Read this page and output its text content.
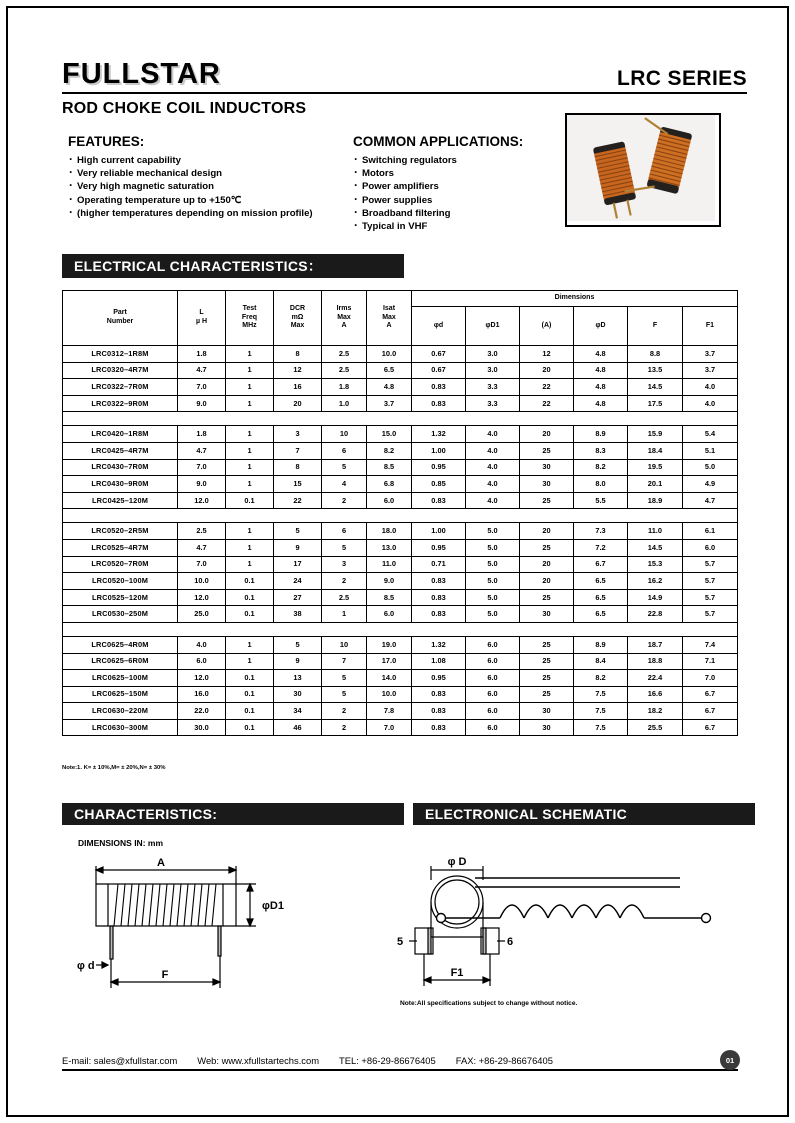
FULLSTAR	LRC SERIES
ROD CHOKE COIL INDUCTORS
FEATURES:
· High current capability
· Very reliable mechanical design
· Very high magnetic saturation
· Operating temperature up to +150℃
· (higher temperatures depending on mission profile)
COMMON APPLICATIONS:
· Switching regulators
· Motors
· Power amplifiers
· Power supplies
· Broadband filtering
· Typical in VHF
ELECTRICAL CHARACTERISTICS：
CHARACTERISTICS:	ELECTRONICAL SCHEMATIC
Part
Number

L
µ H

Test
Freq
MHz

DCR
mΩ
Max

Irms
Max
A

Isat
Max
A
	Dimensions
						φd	φD1	(A)	φD	F	F1
LRC0312–1R8M	1.8	1	8	2.5	10.0	0.67	3.0	12	4.8	8.8	3.7
LRC0320–4R7M	4.7	1	12	2.5	6.5	0.67	3.0	20	4.8	13.5	3.7
LRC0322–7R0M	7.0	1	16	1.8	4.8	0.83	3.3	22	4.8	14.5	4.0
LRC0322–9R0M	9.0	1	20	1.0	3.7	0.83	3.3	22	4.8	17.5	4.0

LRC0420–1R8M	1.8	1	3	10	15.0	1.32	4.0	20	8.9	15.9	5.4
LRC0425–4R7M	4.7	1	7	6	8.2	1.00	4.0	25	8.3	18.4	5.1
LRC0430–7R0M	7.0	1	8	5	8.5	0.95	4.0	30	8.2	19.5	5.0
LRC0430–9R0M	9.0	1	15	4	6.8	0.85	4.0	30	8.0	20.1	4.9
LRC0425–120M	12.0	0.1	22	2	6.0	0.83	4.0	25	5.5	18.9	4.7

LRC0520–2R5M	2.5	1	5	6	18.0	1.00	5.0	20	7.3	11.0	6.1
LRC0525–4R7M	4.7	1	9	5	13.0	0.95	5.0	25	7.2	14.5	6.0
LRC0520–7R0M	7.0	1	17	3	11.0	0.71	5.0	20	6.7	15.3	5.7
LRC0520–100M	10.0	0.1	24	2	9.0	0.83	5.0	20	6.5	16.2	5.7
LRC0525–120M	12.0	0.1	27	2.5	8.5	0.83	5.0	25	6.5	14.9	5.7
LRC0530–250M	25.0	0.1	38	1	6.0	0.83	5.0	30	6.5	22.8	5.7

LRC0625–4R0M	4.0	1	5	10	19.0	1.32	6.0	25	8.9	18.7	7.4
LRC0625–6R0M	6.0	1	9	7	17.0	1.08	6.0	25	8.4	18.8	7.1
LRC0625–100M	12.0	0.1	13	5	14.0	0.95	6.0	25	8.2	22.4	7.0
LRC0625–150M	16.0	0.1	30	5	10.0	0.83	6.0	25	7.5	16.6	6.7
LRC0630–220M	22.0	0.1	34	2	7.8	0.83	6.0	30	7.5	18.2	6.7
LRC0630–300M	30.0	0.1	46	2	7.0	0.83	6.0	30	7.5	25.5	6.7
Note:1. K= ± 10%,M= ± 20%,N= ± 30%
DIMENSIONS IN: mm
A
φD1
φ d
F
φ D
5	6
F1
Note:All specifications subject to change without notice.
E-mail: sales@xfullstar.com Web: www.xfullstartechs.com TEL: +86-29-86676405 FAX: +86-29-86676405	01
